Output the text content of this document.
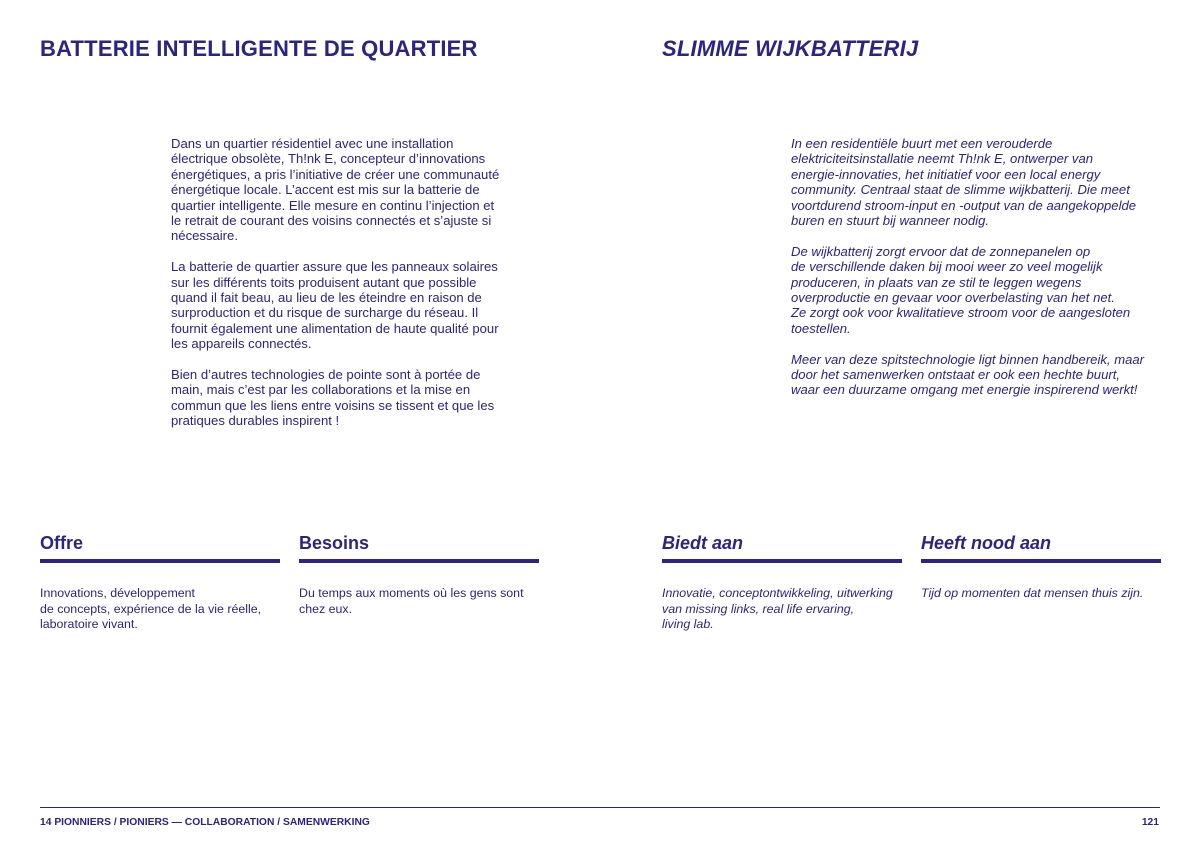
BATTERIE INTELLIGENTE DE QUARTIER	SLIMME WIJKBATTERIJ

Dans un quartier résidentiel avec une installation
électrique obsolète, Th!nk E, concepteur d’innovations
énergétiques, a pris l’initiative de créer une communauté
énergétique locale. L’accent est mis sur la batterie de
quartier intelligente. Elle mesure en continu l’injection et
le retrait de courant des voisins connectés et s’ajuste si
nécessaire.

La batterie de quartier assure que les panneaux solaires
sur les différents toits produisent autant que possible
quand il fait beau, au lieu de les éteindre en raison de
surproduction et du risque de surcharge du réseau. Il
fournit également une alimentation de haute qualité pour
les appareils connectés.

Bien d’autres technologies de pointe sont à portée de
main, mais c’est par les collaborations et la mise en
commun que les liens entre voisins se tissent et que les
pratiques durables inspirent !

In een residentiële buurt met een verouderde
elektriciteitsinstallatie neemt Th!nk E, ontwerper van
energie-innovaties, het initiatief voor een local energy
community. Centraal staat de slimme wijkbatterij. Die meet
voortdurend stroom-input en -output van de aangekoppelde
buren en stuurt bij wanneer nodig.

De wijkbatterij zorgt ervoor dat de zonnepanelen op
de verschillende daken bij mooi weer zo veel mogelijk
produceren, in plaats van ze stil te leggen wegens
overproductie en gevaar voor overbelasting van het net.
Ze zorgt ook voor kwalitatieve stroom voor de aangesloten
toestellen.

Meer van deze spitstechnologie ligt binnen handbereik, maar
door het samenwerken ontstaat er ook een hechte buurt,
waar een duurzame omgang met energie inspirerend werkt!

Offre
Innovations, développement
de concepts, expérience de la vie réelle,
laboratoire vivant.
Besoins
Du temps aux moments où les gens sont
chez eux.
Biedt aan
Innovatie, conceptontwikkeling, uitwerking
van missing links, real life ervaring,
living lab.
Heeft nood aan
Tijd op momenten dat mensen thuis zijn.
14 PIONNIERS / PIONIERS — COLLABORATION / SAMENWERKING	121
